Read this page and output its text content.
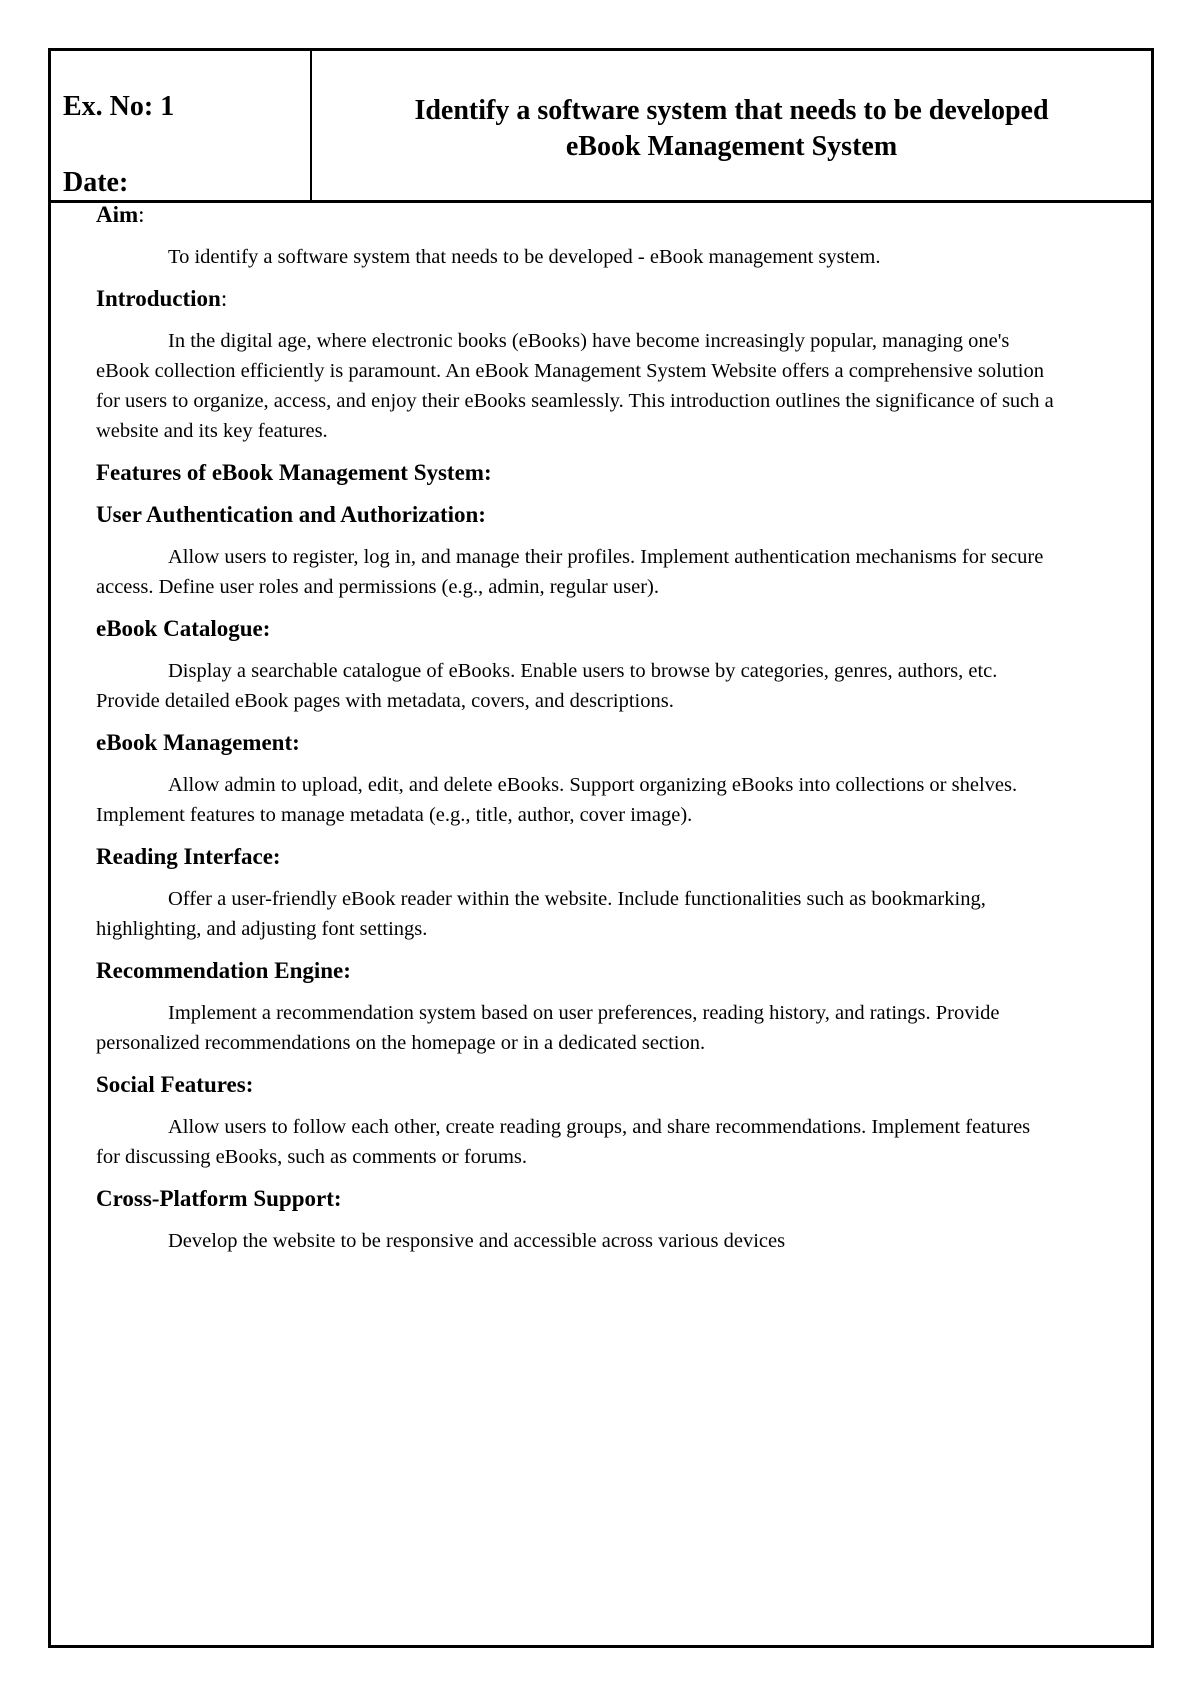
Ex. No: 1
Date:
Identify a software system that needs to be developed
eBook Management System
Aim:

To identify a software system that needs to be developed - eBook management system.

Introduction:

In the digital age, where electronic books (eBooks) have become increasingly popular, managing one's eBook collection efficiently is paramount. An eBook Management System Website offers a comprehensive solution for users to organize, access, and enjoy their eBooks seamlessly. This introduction outlines the significance of such a website and its key features.

Features of eBook Management System:
User Authentication and Authorization:

Allow users to register, log in, and manage their profiles. Implement authentication mechanisms for secure access. Define user roles and permissions (e.g., admin, regular user).

eBook Catalogue:

Display a searchable catalogue of eBooks. Enable users to browse by categories, genres, authors, etc. Provide detailed eBook pages with metadata, covers, and descriptions.

eBook Management:

Allow admin to upload, edit, and delete eBooks. Support organizing eBooks into collections or shelves. Implement features to manage metadata (e.g., title, author, cover image).

Reading Interface:

Offer a user-friendly eBook reader within the website. Include functionalities such as bookmarking, highlighting, and adjusting font settings.

Recommendation Engine:

Implement a recommendation system based on user preferences, reading history, and ratings. Provide personalized recommendations on the homepage or in a dedicated section.

Social Features:

Allow users to follow each other, create reading groups, and share recommendations. Implement features for discussing eBooks, such as comments or forums.

Cross-Platform Support:

Develop the website to be responsive and accessible across various devices
